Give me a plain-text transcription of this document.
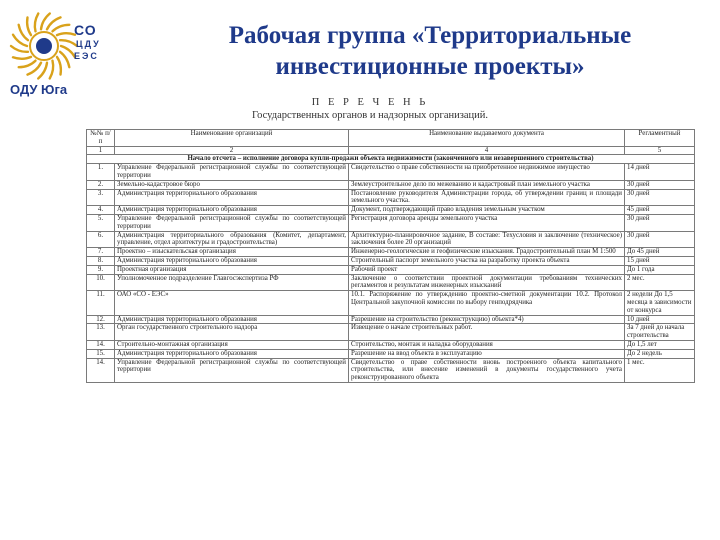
СО
ЦДУ
ЕЭС
ОДУ Юга
Рабочая группа «Территориальные
инвестиционные проекты»
П Е Р Е Ч Е Н Ь
Государственных органов и надзорных организаций.
№№ п/п	Наименование организаций	Наименование выдаваемого документа	Регламентный
1	2	4	5
Начало отсчета – исполнение договора купли-продажи объекта недвижимости (законченного или незавершенного строительства)			
1.	Управление Федеральной регистрационной службы по соответствующей территории	Свидетельство о праве собственности на приобретенное недвижимое имущество	14 дней
2.	Земельно-кадастровое бюро	Землеустроительное дело по межеванию и кадастровый план земельного участка	30 дней
3.	Администрация территориального образования	Постановление руководителя Администрации города, об утверждении границ и площади земельного участка.	30 дней
4.	Администрация территориального образования	Документ, подтверждающий право владения земельным участком	45 дней
5.	Управление Федеральной регистрационной службы по соответствующей территории	Регистрация договора аренды земельного участка	30 дней
6.	Администрация территориального образования (Комитет, департамент, управление, отдел архитектуры и градостроительства)	Архитектурно-планировочное задание, В составе: Техусловия и заключение (техническое) заключения более 20 организаций	30 дней
7.	Проектно – изыскательская организация	Инженерно-геологические и геофизические изыскания. Градостроительный план М 1:500	До 45 дней
8.	Администрация территориального образования	Строительный паспорт земельного участка на разработку проекта объекта	15 дней
9.	Проектная организация	Рабочий проект	До 1 года
10.	Уполномоченное подразделение Главгосэкспертиза РФ	Заключение о соответствии проектной документации требованиям технических регламентов и результатам инженерных изысканий	2 мес.
11.	ОАО «СО - ЕЭС»	10.1. Распоряжение по утверждению проектно-сметной документации 10.2. Протокол Центральной закупочной комиссии по выбору генподрядчика	2 недели До 1,5 месяца в зависимости от конкурса
12.	Администрация территориального образования	Разрешение на строительство (реконструкцию) объекта*4)	10 дней
13.	Орган государственного строительного надзора	Извещение о начале строительных работ.	За 7 дней до начала строительства
14.	Строительно-монтажная организация	Строительство, монтаж и наладка оборудования	До 1,5 лет
15.	Администрация территориального образования	Разрешение на ввод объекта в эксплуатацию	До 2 недель
14.	Управление Федеральной регистрационной службы по соответствующей территории	Свидетельство о праве собственности вновь построенного объекта капитального строительства, или внесение изменений в документы государственного учета реконструированного объекта	1 мес.
